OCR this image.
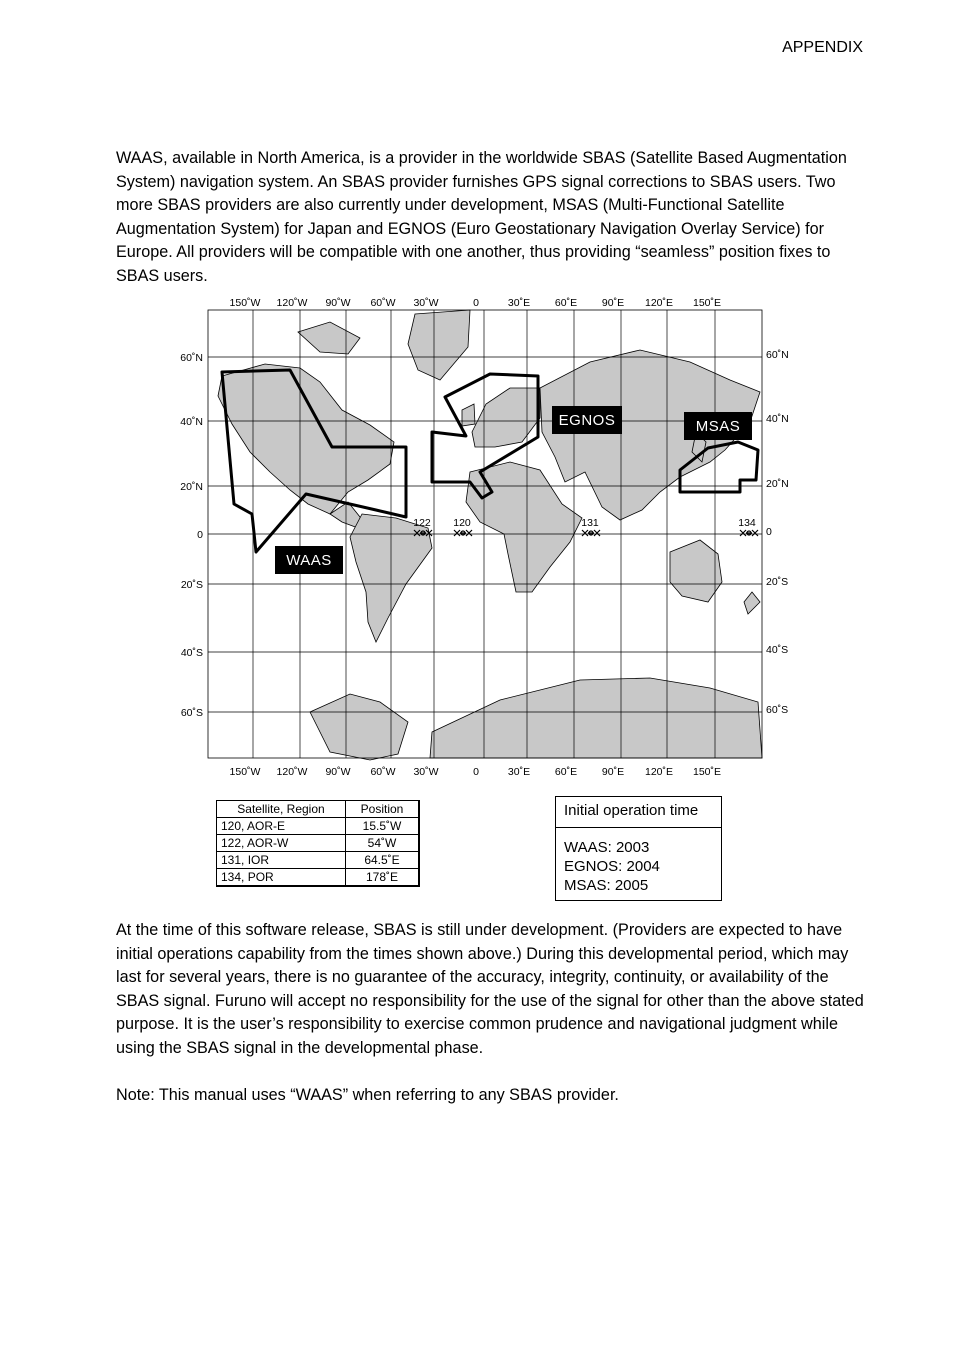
APPENDIX

WAAS, available in North America, is a provider in the worldwide SBAS (Satellite Based Augmentation System) navigation system. An SBAS provider furnishes GPS signal corrections to SBAS users. Two more SBAS providers are also currently under development, MSAS (Multi-Functional Satellite Augmentation System) for Japan and EGNOS (Euro Geostationary Navigation Overlay Service) for Europe. All providers will be compatible with one another, thus providing “seamless” position fixes to SBAS users.

150˚W 120˚W 90˚W 60˚W 30˚W	0	30˚E 60˚E 90˚E 120˚E 150˚E
150˚W 120˚W 90˚W 60˚W 30˚W	0	30˚E 60˚E 90˚E 120˚E 150˚E
60˚N
40˚N
20˚N
0
20˚S
40˚S
60˚S
60˚N
40˚N
20˚N
0
20˚S
40˚S
60˚S
WAAS
EGNOS	MSAS
122 120	131	134
Satellite, Region	Position
120, AOR-E	15.5˚W
122, AOR-W	54˚W
131, IOR	64.5˚E
134, POR	178˚E
Initial operation time
WAAS: 2003
EGNOS: 2004
MSAS: 2005

At the time of this software release, SBAS is still under development. (Providers are expected to have initial operations capability from the times shown above.) During this developmental period, which may last for several years, there is no guarantee of the accuracy, integrity, continuity, or availability of the SBAS signal. Furuno will accept no responsibility for the use of the signal for other than the above stated purpose. It is the user’s responsibility to exercise common prudence and navigational judgment while using the SBAS signal in the developmental phase.

Note: This manual uses “WAAS” when referring to any SBAS provider.
